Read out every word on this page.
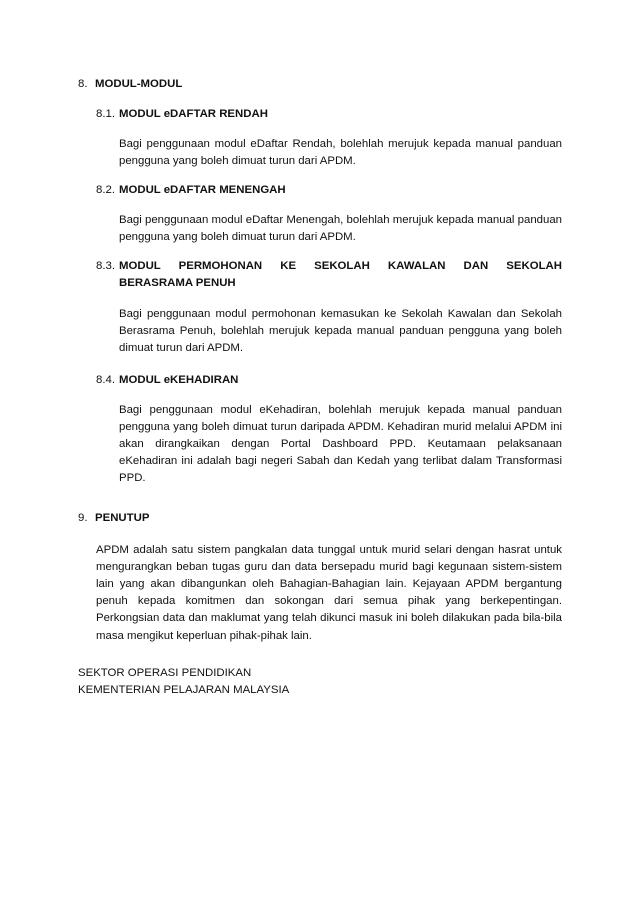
8. MODUL-MODUL
8.1. MODUL eDAFTAR RENDAH
Bagi penggunaan modul eDaftar Rendah, bolehlah merujuk kepada manual panduan pengguna yang boleh dimuat turun dari APDM.
8.2. MODUL eDAFTAR MENENGAH
Bagi penggunaan modul eDaftar Menengah, bolehlah merujuk kepada manual panduan pengguna yang boleh dimuat turun dari APDM.
8.3. MODUL PERMOHONAN KE SEKOLAH KAWALAN DAN SEKOLAH
BERASRAMA PENUH
Bagi penggunaan modul permohonan kemasukan ke Sekolah Kawalan dan Sekolah Berasrama Penuh, bolehlah merujuk kepada manual panduan pengguna yang boleh dimuat turun dari APDM.
8.4. MODUL eKEHADIRAN
Bagi penggunaan modul eKehadiran, bolehlah merujuk kepada manual panduan pengguna yang boleh dimuat turun daripada APDM. Kehadiran murid melalui APDM ini akan dirangkaikan dengan Portal Dashboard PPD. Keutamaan pelaksanaan eKehadiran ini adalah bagi negeri Sabah dan Kedah yang terlibat dalam Transformasi PPD.
9. PENUTUP
APDM adalah satu sistem pangkalan data tunggal untuk murid selari dengan hasrat untuk mengurangkan beban tugas guru dan data bersepadu murid bagi kegunaan sistem-sistem lain yang akan dibangunkan oleh Bahagian-Bahagian lain. Kejayaan APDM bergantung penuh kepada komitmen dan sokongan dari semua pihak yang berkepentingan. Perkongsian data dan maklumat yang telah dikunci masuk ini boleh dilakukan pada bila-bila masa mengikut keperluan pihak-pihak lain.
SEKTOR OPERASI PENDIDIKAN
KEMENTERIAN PELAJARAN MALAYSIA
